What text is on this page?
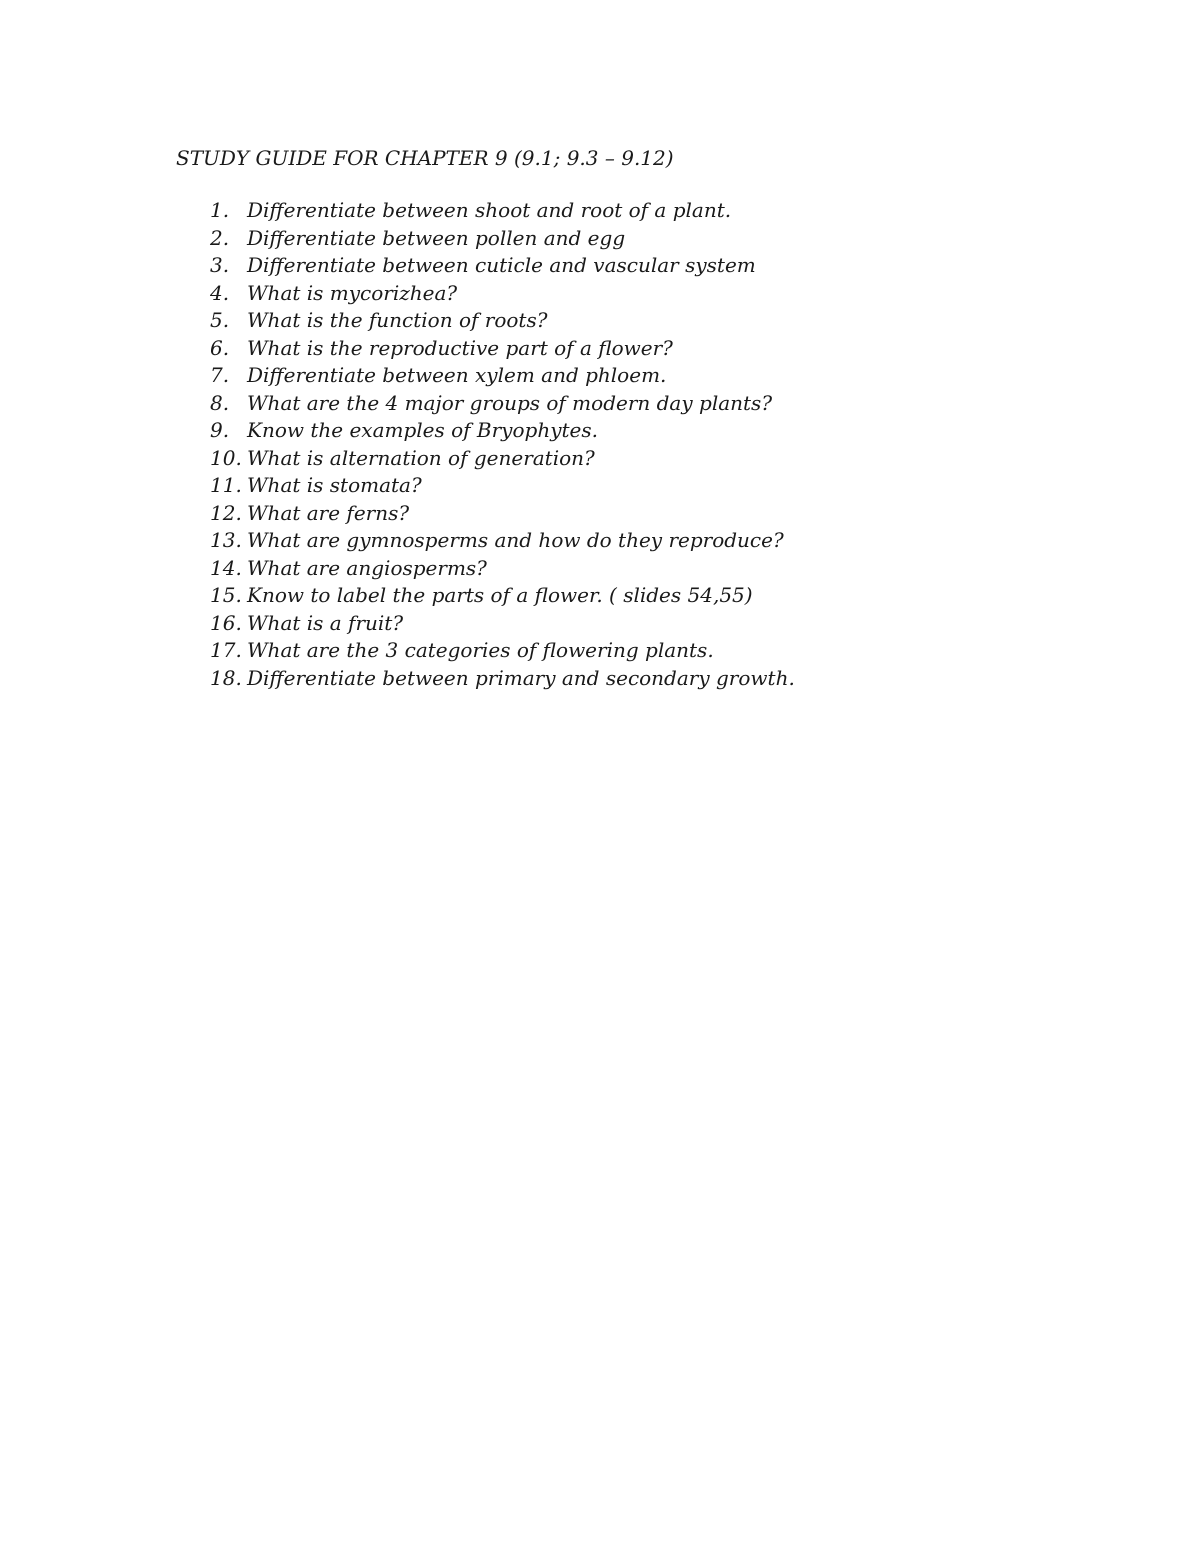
STUDY GUIDE FOR CHAPTER 9 (9.1; 9.3 – 9.12)
1. Differentiate between shoot and root of a plant.
2. Differentiate between pollen and egg
3. Differentiate between cuticle and vascular system
4. What is mycorizhea?
5. What is the function of roots?
6. What is the reproductive part of a flower?
7. Differentiate between xylem and phloem.
8. What are the 4 major groups of modern day plants?
9. Know the examples of Bryophytes.
10. What is alternation of generation?
11. What is stomata?
12. What are ferns?
13. What are gymnosperms and how do they reproduce?
14. What are angiosperms?
15. Know to label the parts of a flower. ( slides 54,55)
16. What is a fruit?
17. What are the 3 categories of flowering plants.
18. Differentiate between primary and secondary growth.
